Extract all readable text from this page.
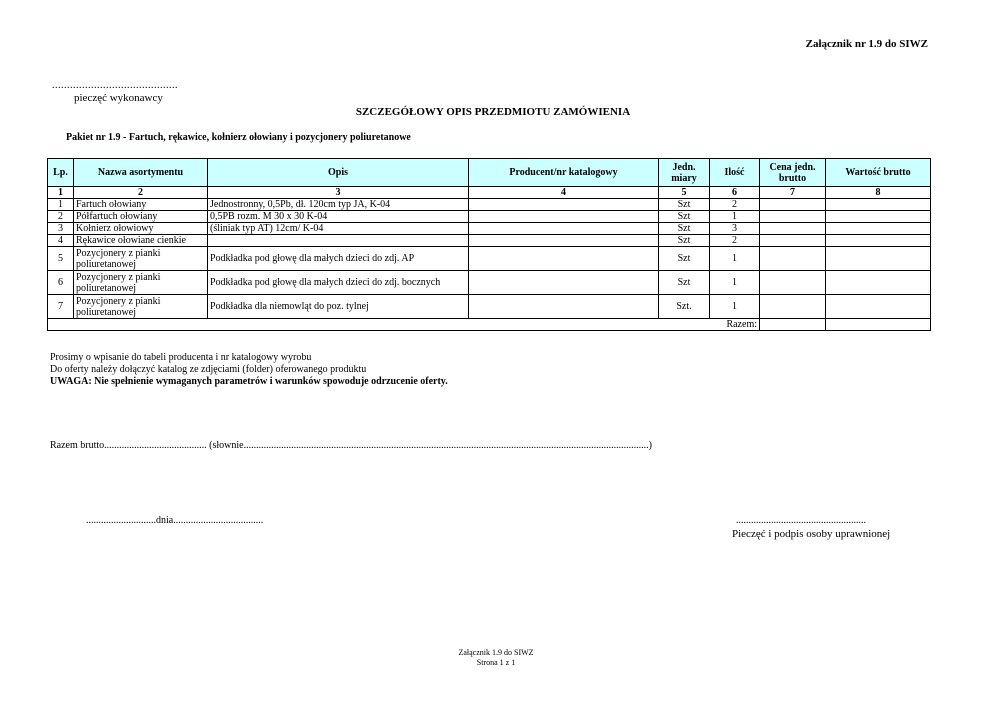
Załącznik nr 1.9 do SIWZ
..........................................
pieczęć wykonawcy
SZCZEGÓŁOWY OPIS PRZEDMIOTU ZAMÓWIENIA
Pakiet nr 1.9 - Fartuch, rękawice, kołnierz ołowiany i pozycjonery poliuretanowe
Lp.	Nazwa asortymentu	Opis	Producent/nr katalogowy	Jedn. miary	Ilość	Cena jedn. brutto	Wartość brutto
1	2	3	4	5	6	7	8
1	Fartuch ołowiany	Jednostronny, 0,5Pb, dł. 120cm typ JA, K-04		Szt	2		
2	Półfartuch ołowiany	0,5PB rozm. M 30 x 30 K-04		Szt	1		
3	Kołnierz ołowiowy	(śliniak typ AT) 12cm/ K-04		Szt	3		
4	Rękawice ołowiane cienkie			Szt	2		
5	Pozycjonery z pianki poliuretanowej	Podkładka pod głowę dla małych dzieci do zdj. AP		Szt	1		
6	Pozycjonery z pianki poliuretanowej	Podkładka pod głowę dla małych dzieci do zdj. bocznych		Szt	1		
7	Pozycjonery z pianki poliuretanowej	Podkładka dla niemowląt do poz. tylnej		Szt.	1		
Razem:							
Prosimy o wpisanie do tabeli producenta i nr katalogowy wyrobu
Do oferty należy dołączyć katalog ze zdjęciami (folder) oferowanego produktu
UWAGA: Nie spełnienie wymaganych parametrów i warunków spowoduje odrzucenie oferty.
Razem brutto......................................... (słownie..................................................................................................................................................................)
............................dnia....................................	....................................................
Pieczęć i podpis osoby uprawnionej
Załącznik 1.9 do SIWZ
Strona 1 z 1
